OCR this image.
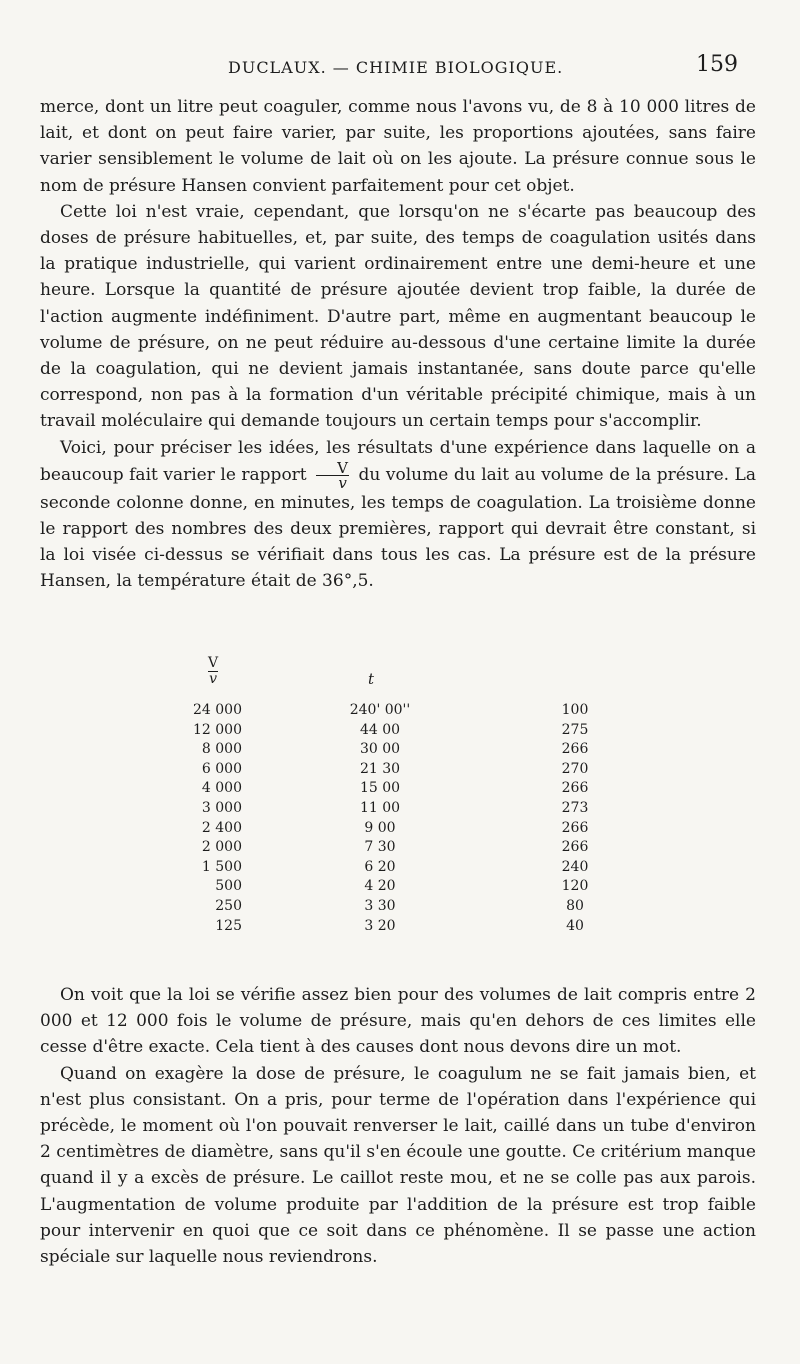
DUCLAUX. — CHIMIE BIOLOGIQUE.	159

merce, dont un litre peut coaguler, comme nous l'avons vu, de 8 à 10 000 litres de lait, et dont on peut faire varier, par suite, les proportions ajoutées, sans faire varier sensiblement le volume de lait où on les ajoute. La présure connue sous le nom de présure Hansen convient parfaitement pour cet objet.

Cette loi n'est vraie, cependant, que lorsqu'on ne s'écarte pas beaucoup des doses de présure habituelles, et, par suite, des temps de coagulation usités dans la pratique industrielle, qui varient ordinairement entre une demi-heure et une heure. Lorsque la quantité de présure ajoutée devient trop faible, la durée de l'action augmente indéfiniment. D'autre part, même en augmentant beaucoup le volume de présure, on ne peut réduire au-dessous d'une certaine limite la durée de la coagulation, qui ne devient jamais instantanée, sans doute parce qu'elle correspond, non pas à la formation d'un véritable précipité chimique, mais à un travail moléculaire qui demande toujours un certain temps pour s'accomplir.

Voici, pour préciser les idées, les résultats d'une expérience dans laquelle on a beaucoup fait varier le rapport $\frac{V}{v}$ du volume du lait au volume de la présure. La seconde colonne donne, en minutes, les temps de coagulation. La troisième donne le rapport des nombres des deux premières, rapport qui devrait être constant, si la loi visée ci-dessus se vérifiait dans tous les cas. La présure est de la présure Hansen, la température était de 36°,5.

$\frac{V}{v}$	t
24 000	240' 00''	100
12 000	44 00	275
8 000	30 00	266
6 000	21 30	270
4 000	15 00	266
3 000	11 00	273
2 400	9 00	266
2 000	7 30	266
1 500	6 20	240
500	4 20	120
250	3 30	80
125	3 20	40

On voit que la loi se vérifie assez bien pour des volumes de lait compris entre 2 000 et 12 000 fois le volume de présure, mais qu'en dehors de ces limites elle cesse d'être exacte. Cela tient à des causes dont nous devons dire un mot.

Quand on exagère la dose de présure, le coagulum ne se fait jamais bien, et n'est plus consistant. On a pris, pour terme de l'opération dans l'expérience qui précède, le moment où l'on pouvait renverser le lait, caillé dans un tube d'environ 2 centimètres de diamètre, sans qu'il s'en écoule une goutte. Ce critérium manque quand il y a excès de présure. Le caillot reste mou, et ne se colle pas aux parois. L'augmentation de volume produite par l'addition de la présure est trop faible pour intervenir en quoi que ce soit dans ce phénomène. Il se passe une action spéciale sur laquelle nous reviendrons.
